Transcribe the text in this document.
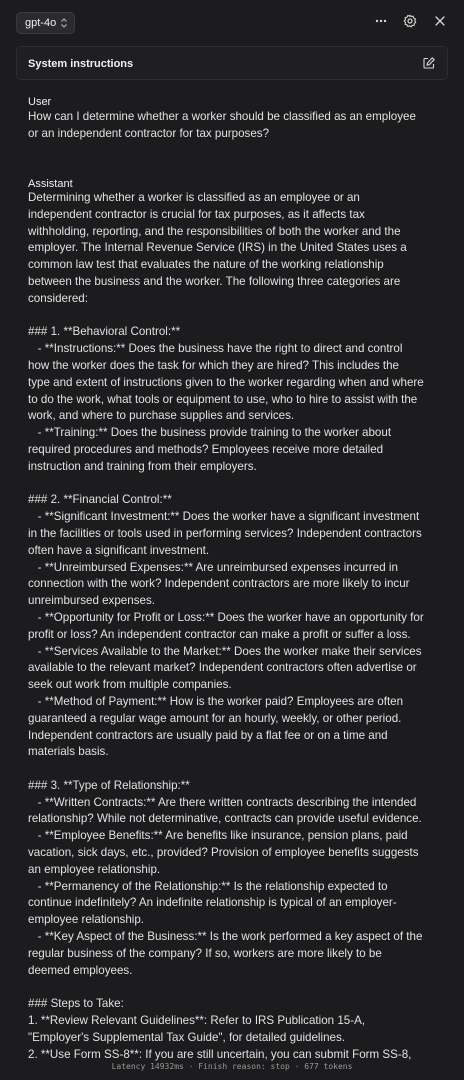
gpt-4o
System instructions
User
How can I determine whether a worker should be classified as an employee or an independent contractor for tax purposes?
Assistant
Determining whether a worker is classified as an employee or an independent contractor is crucial for tax purposes, as it affects tax withholding, reporting, and the responsibilities of both the worker and the employer. The Internal Revenue Service (IRS) in the United States uses a common law test that evaluates the nature of the working relationship between the business and the worker. The following three categories are considered:

### 1. **Behavioral Control:**
- **Instructions:** Does the business have the right to direct and control how the worker does the task for which they are hired? This includes the type and extent of instructions given to the worker regarding when and where to do the work, what tools or equipment to use, who to hire to assist with the work, and where to purchase supplies and services.
- **Training:** Does the business provide training to the worker about required procedures and methods? Employees receive more detailed instruction and training from their employers.

### 2. **Financial Control:**
- **Significant Investment:** Does the worker have a significant investment in the facilities or tools used in performing services? Independent contractors often have a significant investment.
- **Unreimbursed Expenses:** Are unreimbursed expenses incurred in connection with the work? Independent contractors are more likely to incur unreimbursed expenses.
- **Opportunity for Profit or Loss:** Does the worker have an opportunity for profit or loss? An independent contractor can make a profit or suffer a loss.
- **Services Available to the Market:** Does the worker make their services available to the relevant market? Independent contractors often advertise or seek out work from multiple companies.
- **Method of Payment:** How is the worker paid? Employees are often guaranteed a regular wage amount for an hourly, weekly, or other period. Independent contractors are usually paid by a flat fee or on a time and materials basis.

### 3. **Type of Relationship:**
- **Written Contracts:** Are there written contracts describing the intended relationship? While not determinative, contracts can provide useful evidence.
- **Employee Benefits:** Are benefits like insurance, pension plans, paid vacation, sick days, etc., provided? Provision of employee benefits suggests an employee relationship.
- **Permanency of the Relationship:** Is the relationship expected to continue indefinitely? An indefinite relationship is typical of an employer-employee relationship.
- **Key Aspect of the Business:** Is the work performed a key aspect of the regular business of the company? If so, workers are more likely to be deemed employees.

### Steps to Take:
1. **Review Relevant Guidelines**: Refer to IRS Publication 15-A, "Employer's Supplemental Tax Guide", for detailed guidelines.
2. **Use Form SS-8**: If you are still uncertain, you can submit Form SS-8,
Latency 14932ms · Finish reason: stop · 677 tokens
